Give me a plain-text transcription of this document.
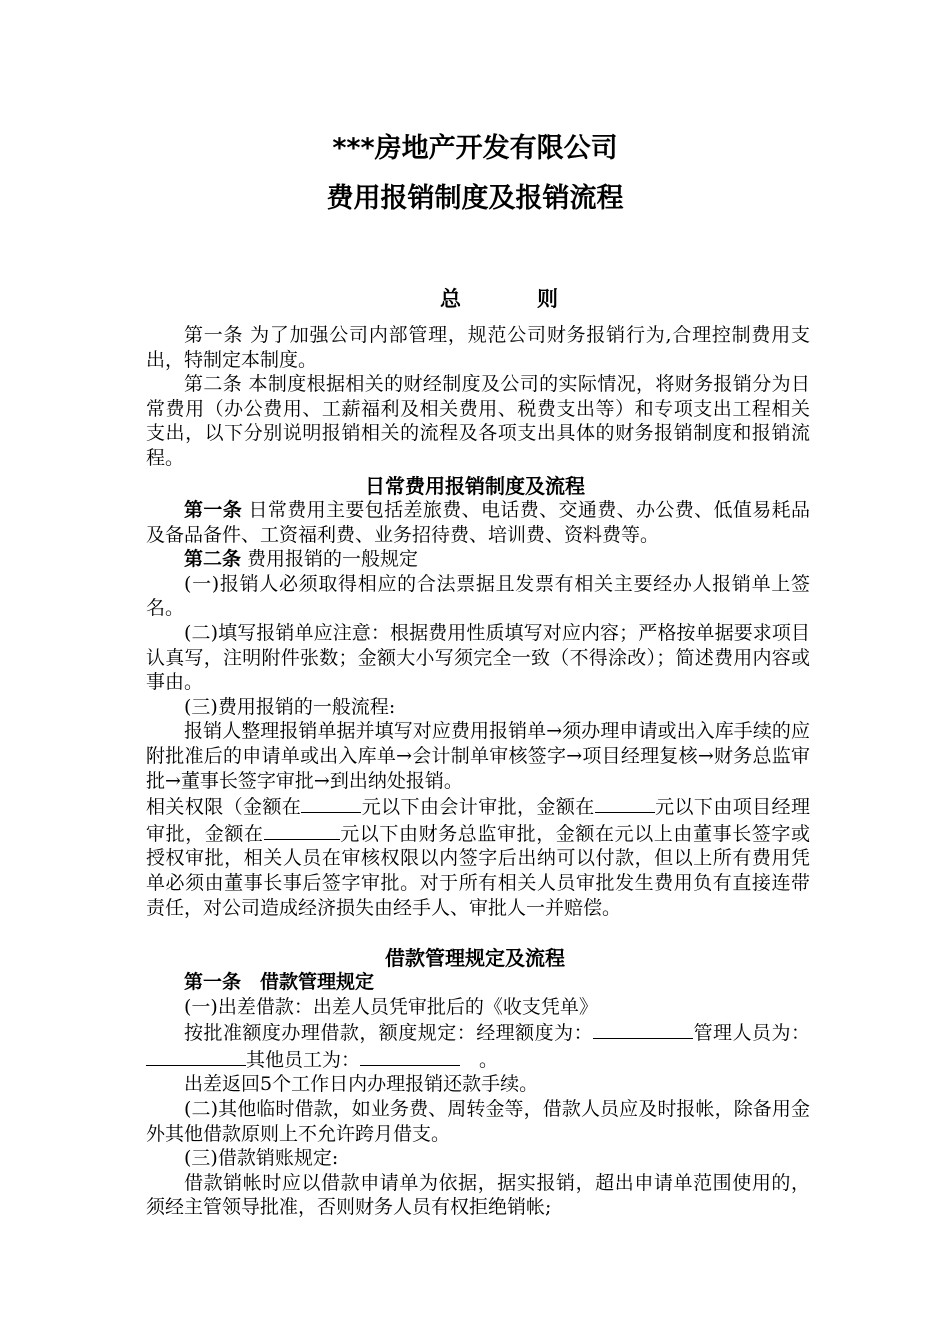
***房地产开发有限公司
费用报销制度及报销流程
总	则

第一条 为了加强公司内部管理，规范公司财务报销行为,合理控制费用支出，特制定本制度。

第二条 本制度根据相关的财经制度及公司的实际情况，将财务报销分为日常费用（办公费用、工薪福利及相关费用、税费支出等）和专项支出工程相关支出，以下分别说明报销相关的流程及各项支出具体的财务报销制度和报销流程。

日常费用报销制度及流程

第一条 日常费用主要包括差旅费、电话费、交通费、办公费、低值易耗品及备品备件、工资福利费、业务招待费、培训费、资料费等。

第二条 费用报销的一般规定

(一)报销人必须取得相应的合法票据且发票有相关主要经办人报销单上签名。

(二)填写报销单应注意：根据费用性质填写对应内容；严格按单据要求项目认真写，注明附件张数；金额大小写须完全一致（不得涂改）；简述费用内容或事由。

(三)费用报销的一般流程:

报销人整理报销单据并填写对应费用报销单→须办理申请或出入库手续的应附批准后的申请单或出入库单→会计制单审核签字→项目经理复核→财务总监审批→董事长签字审批→到出纳处报销。

相关权限（金额在	元以下由会计审批，金额在	元以下由项目经理审批，金额在	元以下由财务总监审批，金额在元以上由董事长签字或授权审批，相关人员在审核权限以内签字后出纳可以付款，但以上所有费用凭单必须由董事长事后签字审批。对于所有相关人员审批发生费用负有直接连带责任，对公司造成经济损失由经手人、审批人一并赔偿。

借款管理规定及流程

第一条　借款管理规定

(一)出差借款：出差人员凭审批后的《收支凭单》

按批准额度办理借款，额度规定：经理额度为：	管理人员为：其他员工为：	　。

出差返回5个工作日内办理报销还款手续。

(二)其他临时借款，如业务费、周转金等，借款人员应及时报帐，除备用金外其他借款原则上不允许跨月借支。

(三)借款销账规定:

借款销帐时应以借款申请单为依据，据实报销，超出申请单范围使用的，须经主管领导批准，否则财务人员有权拒绝销帐;
